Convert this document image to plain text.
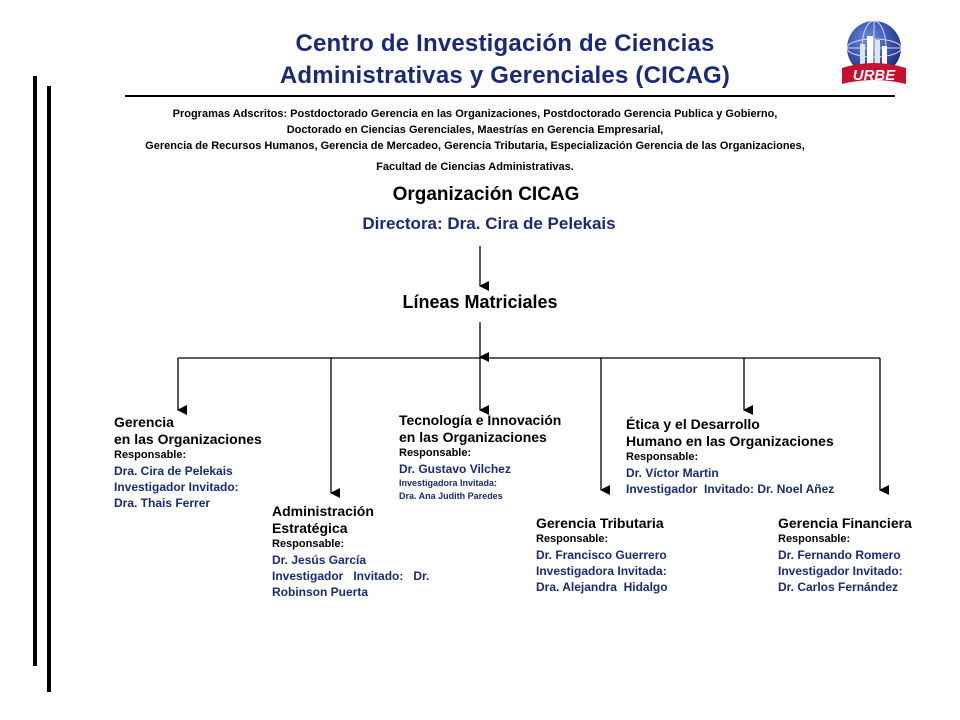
Centro de Investigación de Ciencias
Administrativas y Gerenciales (CICAG)	URBE
Programas Adscritos: Postdoctorado Gerencia en las Organizaciones, Postdoctorado Gerencia Publica y Gobierno,
Doctorado en Ciencias Gerenciales, Maestrías en Gerencia Empresarial,
Gerencia de Recursos Humanos, Gerencia de Mercadeo, Gerencia Tributaria, Especialización Gerencia de las Organizaciones,
Facultad de Ciencias Administrativas.
Organización CICAG
Directora: Dra. Cira de Pelekais
Líneas Matriciales
Gerencia
en las Organizaciones
Responsable:
Dra. Cira de Pelekais
Investigador Invitado:
Dra. Thais Ferrer	Administración
Estratégica
Responsable:
Dr. Jesús García
Investigador   Invitado:   Dr.
Robinson Puerta
Tecnología e Innovación
en las Organizaciones
Responsable:
Dr. Gustavo Vilchez
Investigadora Invitada:
Dra. Ana Judith Paredes
Gerencia Tributaria
Responsable:
Dr. Francisco Guerrero
Investigadora Invitada:
Dra. Alejandra  Hidalgo
Ética y el Desarrollo
Humano en las Organizaciones
Responsable:
Dr. Víctor Martin
Investigador  Invitado: Dr. Noel Añez
Gerencia Financiera
Responsable:
Dr. Fernando Romero
Investigador Invitado:
Dr. Carlos Fernández
